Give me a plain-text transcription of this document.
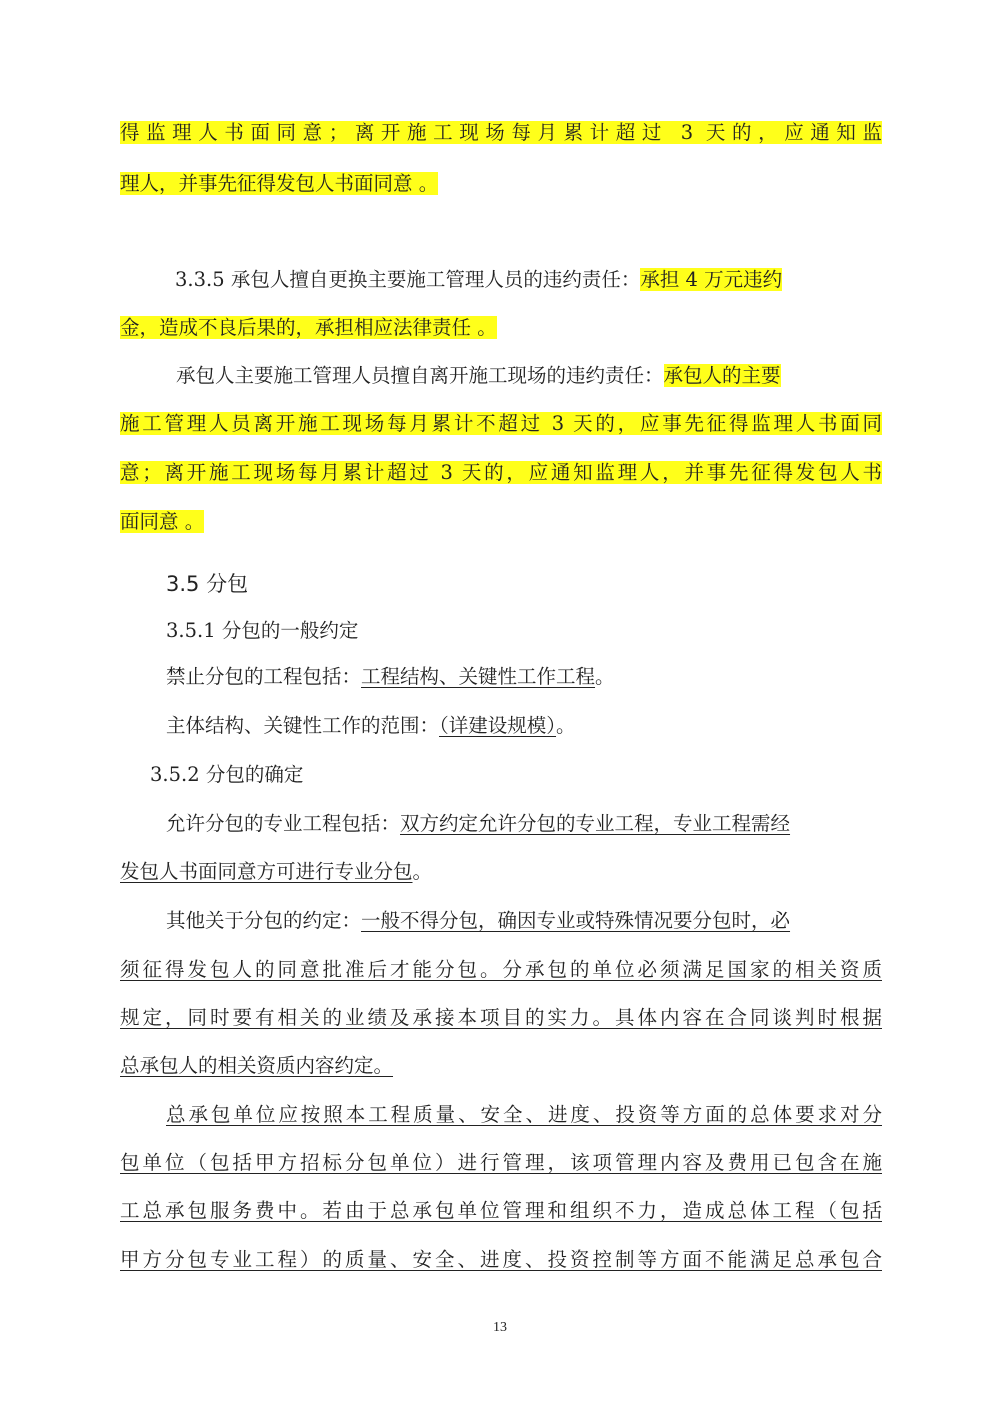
得监理人书面同意；离开施工现场每月累计超过 3 天的，应通知监
理人，并事先征得发包人书面同意 。
3.3.5 承包人擅自更换主要施工管理人员的违约责任：承担 4 万元违约
金，造成不良后果的，承担相应法律责任 。
承包人主要施工管理人员擅自离开施工现场的违约责任：承包人的主要
施工管理人员离开施工现场每月累计不超过 3 天的，应事先征得监理人书面同
意；离开施工现场每月累计超过 3 天的，应通知监理人，并事先征得发包人书
面同意 。
3.5 分包
3.5.1 分包的一般约定
禁止分包的工程包括：工程结构、关键性工作工程。
主体结构、关键性工作的范围：（详建设规模）。
3.5.2 分包的确定
允许分包的专业工程包括：双方约定允许分包的专业工程，专业工程需经
发包人书面同意方可进行专业分包。
其他关于分包的约定：一般不得分包，确因专业或特殊情况要分包时，必
须征得发包人的同意批准后才能分包。分承包的单位必须满足国家的相关资质
规定，同时要有相关的业绩及承接本项目的实力。具体内容在合同谈判时根据
总承包人的相关资质内容约定。
总承包单位应按照本工程质量、安全、进度、投资等方面的总体要求对分
包单位（包括甲方招标分包单位）进行管理，该项管理内容及费用已包含在施
工总承包服务费中。若由于总承包单位管理和组织不力，造成总体工程（包括
甲方分包专业工程）的质量、安全、进度、投资控制等方面不能满足总承包合
13
